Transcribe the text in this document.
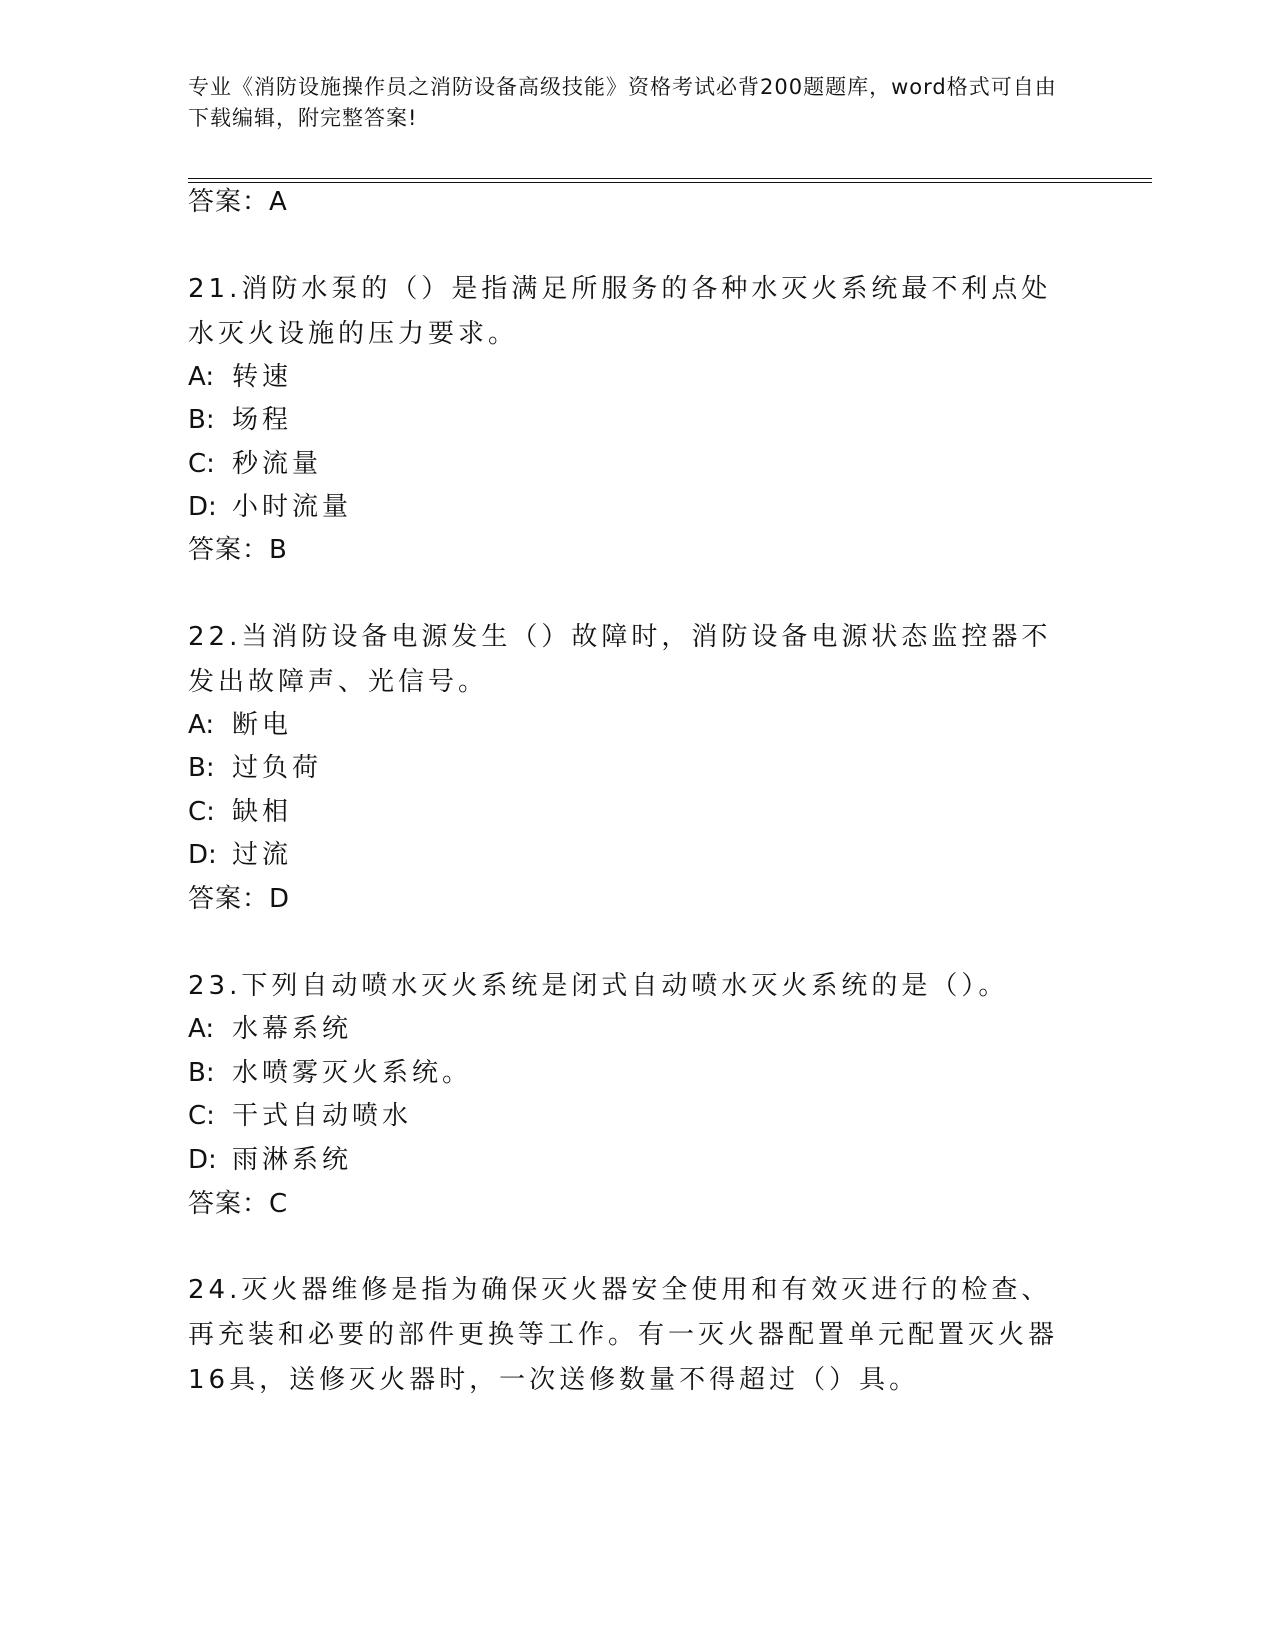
专业《消防设施操作员之消防设备高级技能》资格考试必背200题题库，word格式可自由下载编辑，附完整答案!

答案：A

21.消防水泵的（）是指满足所服务的各种水灭火系统最不利点处水灭火设施的压力要求。

A: 转速

B: 场程

C: 秒流量

D: 小时流量

答案：B

22.当消防设备电源发生（）故障时，消防设备电源状态监控器不发出故障声、光信号。

A: 断电

B: 过负荷

C: 缺相

D: 过流

答案：D

23.下列自动喷水灭火系统是闭式自动喷水灭火系统的是（）。

A: 水幕系统

B: 水喷雾灭火系统。

C: 干式自动喷水

D: 雨淋系统

答案：C

24.灭火器维修是指为确保灭火器安全使用和有效灭进行的检查、再充装和必要的部件更换等工作。有一灭火器配置单元配置灭火器16具，送修灭火器时，一次送修数量不得超过（）具。
